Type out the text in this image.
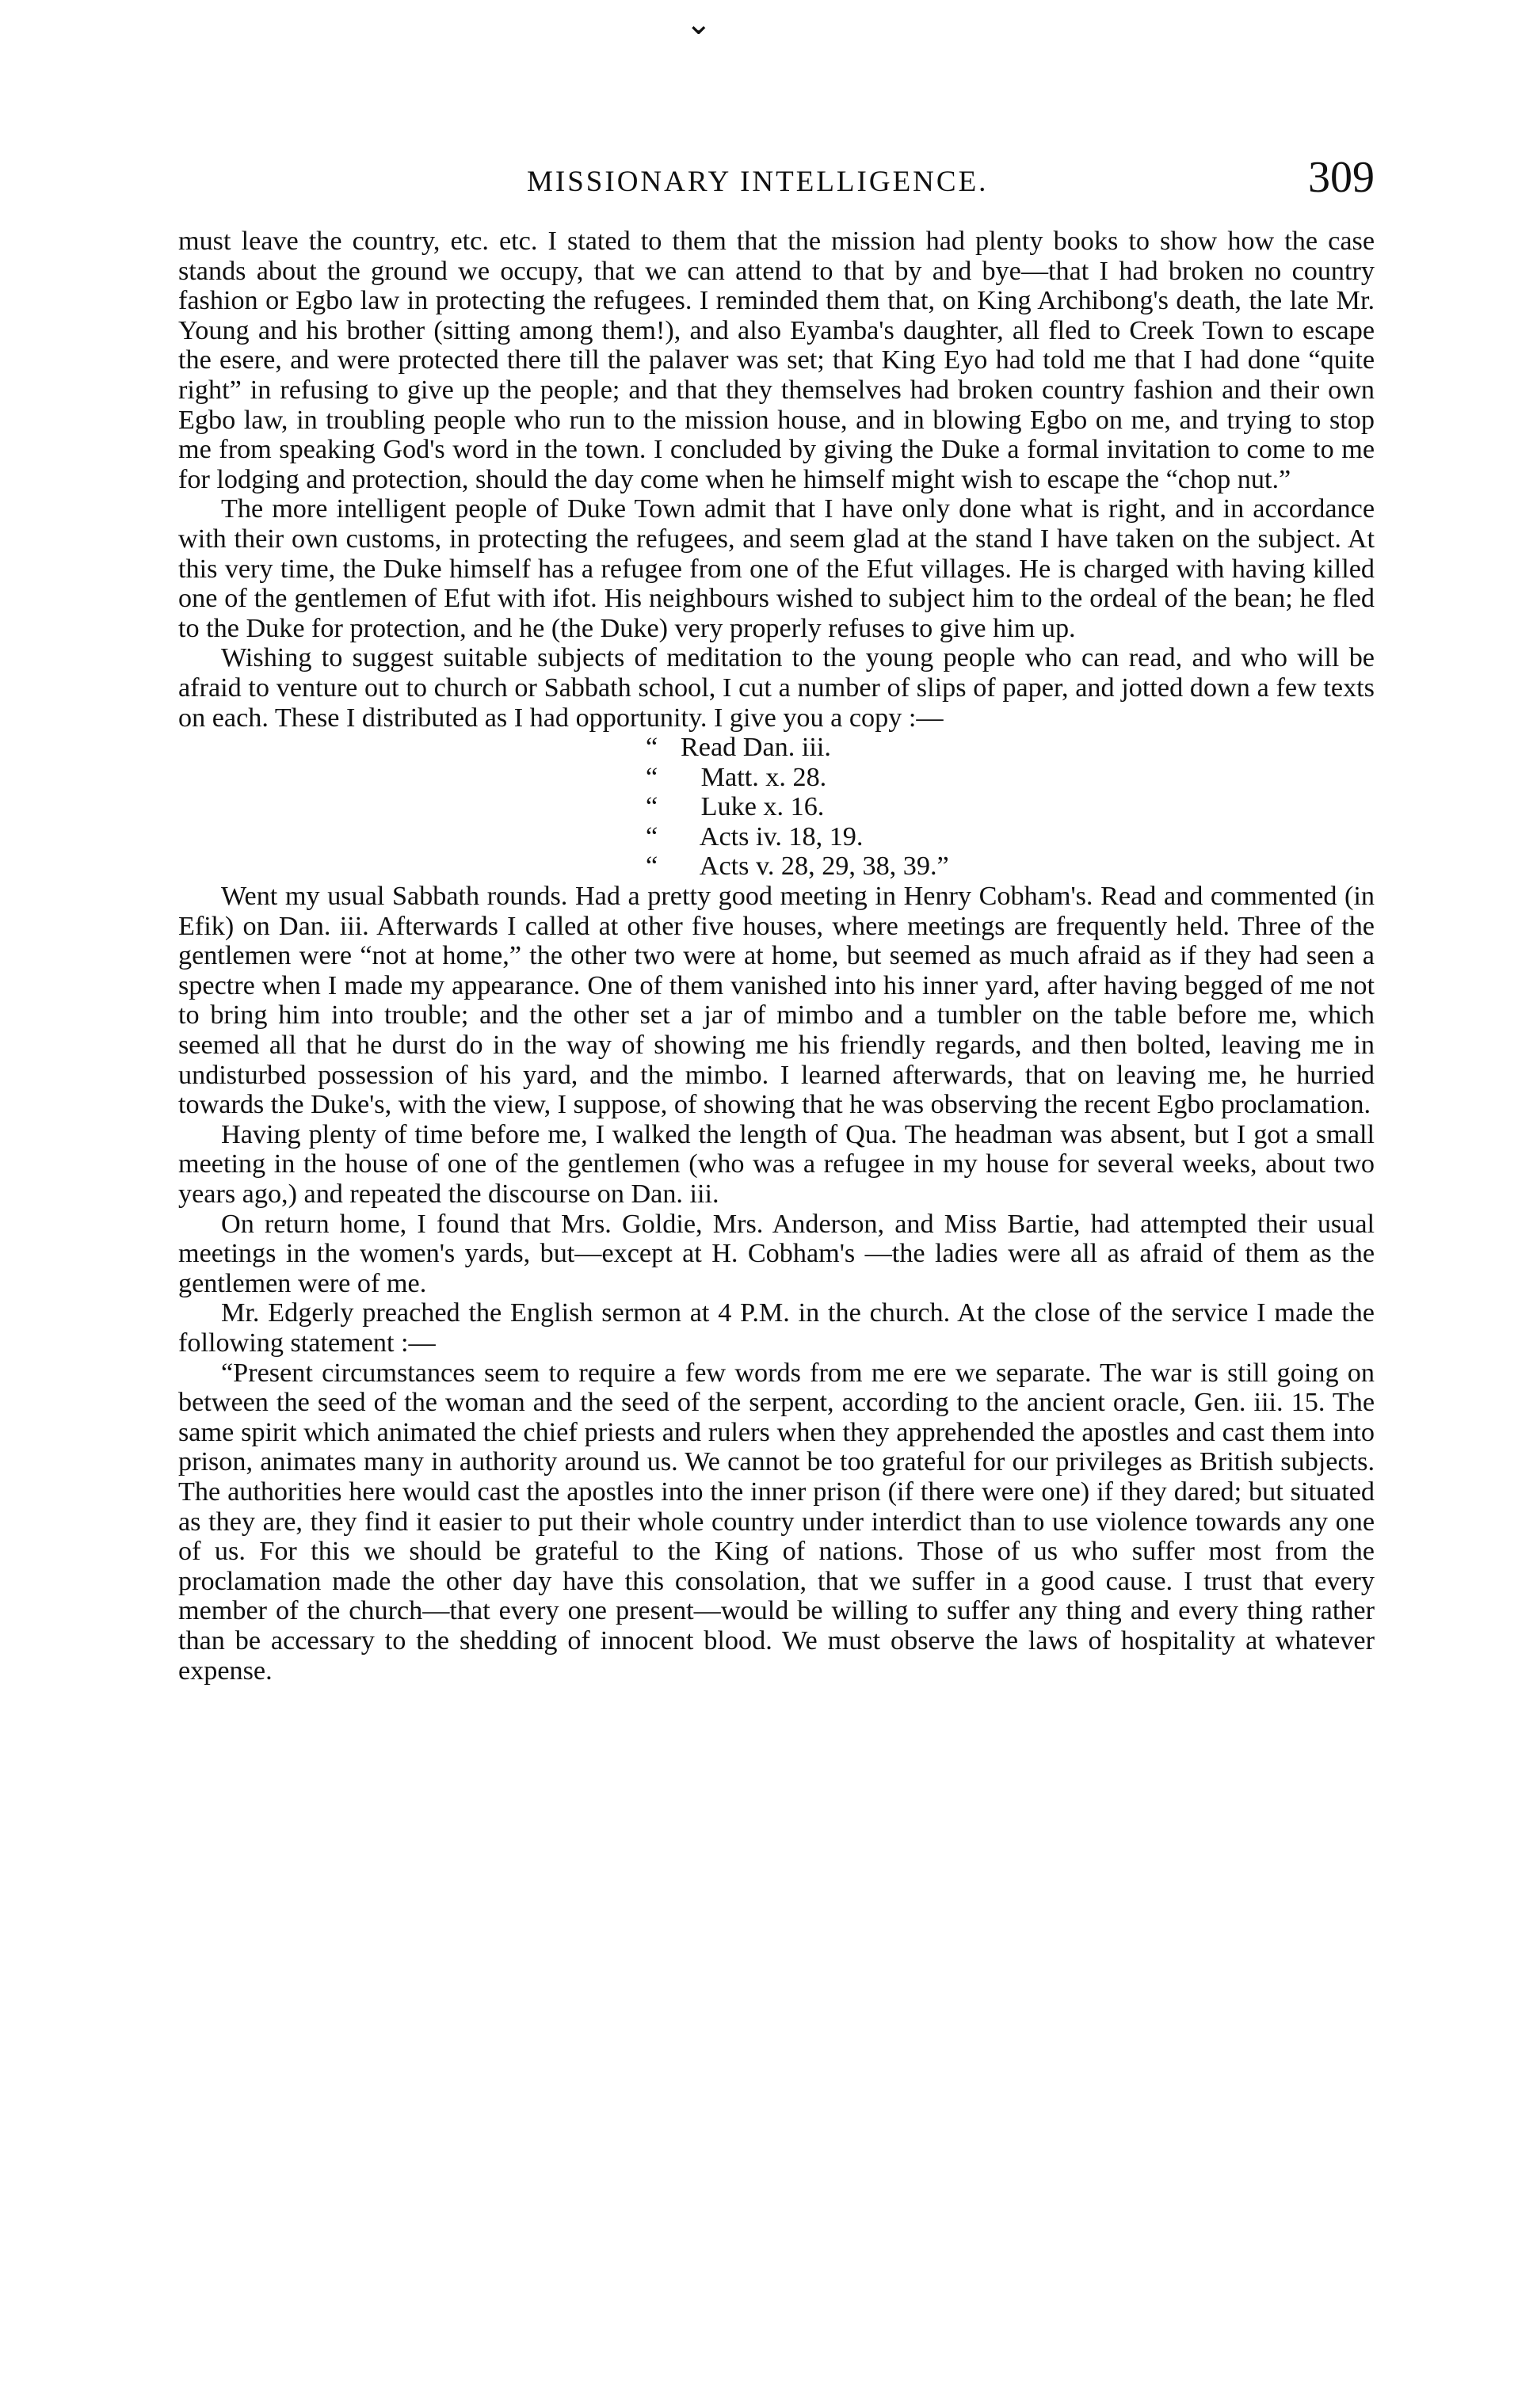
⌄
MISSIONARY INTELLIGENCE.	309

must leave the country, etc. etc. I stated to them that the mission had plenty books to show how the case stands about the ground we occupy, that we can attend to that by and bye—that I had broken no country fashion or Egbo law in protecting the refugees. I reminded them that, on King Archibong's death, the late Mr. Young and his brother (sitting among them!), and also Eyamba's daughter, all fled to Creek Town to escape the esere, and were protected there till the palaver was set; that King Eyo had told me that I had done “quite right” in refusing to give up the people; and that they themselves had broken country fashion and their own Egbo law, in troubling people who run to the mission house, and in blowing Egbo on me, and trying to stop me from speaking God's word in the town. I concluded by giving the Duke a formal invitation to come to me for lodging and protection, should the day come when he himself might wish to escape the “chop nut.”

The more intelligent people of Duke Town admit that I have only done what is right, and in accordance with their own customs, in protecting the refugees, and seem glad at the stand I have taken on the subject. At this very time, the Duke himself has a refugee from one of the Efut villages. He is charged with having killed one of the gentlemen of Efut with ifot. His neighbours wished to subject him to the ordeal of the bean; he fled to the Duke for protection, and he (the Duke) very properly refuses to give him up.

Wishing to suggest suitable subjects of meditation to the young people who can read, and who will be afraid to venture out to church or Sabbath school, I cut a number of slips of paper, and jotted down a few texts on each. These I distributed as I had opportunity. I give you a copy :—

“ Read Dan. iii.

“   Matt. x. 28.

“   Luke x. 16.

“   Acts iv. 18, 19.

“   Acts v. 28, 29, 38, 39.”

Went my usual Sabbath rounds. Had a pretty good meeting in Henry Cobham's. Read and commented (in Efik) on Dan. iii. Afterwards I called at other five houses, where meetings are frequently held. Three of the gentlemen were “not at home,” the other two were at home, but seemed as much afraid as if they had seen a spectre when I made my appearance. One of them vanished into his inner yard, after having begged of me not to bring him into trouble; and the other set a jar of mimbo and a tumbler on the table before me, which seemed all that he durst do in the way of showing me his friendly regards, and then bolted, leaving me in undisturbed possession of his yard, and the mimbo. I learned afterwards, that on leaving me, he hurried towards the Duke's, with the view, I suppose, of showing that he was observing the recent Egbo proclamation.

Having plenty of time before me, I walked the length of Qua. The headman was absent, but I got a small meeting in the house of one of the gentlemen (who was a refugee in my house for several weeks, about two years ago,) and repeated the discourse on Dan. iii.

On return home, I found that Mrs. Goldie, Mrs. Anderson, and Miss Bartie, had attempted their usual meetings in the women's yards, but—except at H. Cobham's —the ladies were all as afraid of them as the gentlemen were of me.

Mr. Edgerly preached the English sermon at 4 P.M. in the church. At the close of the service I made the following statement :—

“Present circumstances seem to require a few words from me ere we separate. The war is still going on between the seed of the woman and the seed of the serpent, according to the ancient oracle, Gen. iii. 15. The same spirit which animated the chief priests and rulers when they apprehended the apostles and cast them into prison, animates many in authority around us. We cannot be too grateful for our privileges as British subjects. The authorities here would cast the apostles into the inner prison (if there were one) if they dared; but situated as they are, they find it easier to put their whole country under interdict than to use violence towards any one of us. For this we should be grateful to the King of nations. Those of us who suffer most from the proclamation made the other day have this consolation, that we suffer in a good cause. I trust that every member of the church—that every one present—would be willing to suffer any thing and every thing rather than be accessary to the shedding of innocent blood. We must observe the laws of hospitality at whatever expense.
